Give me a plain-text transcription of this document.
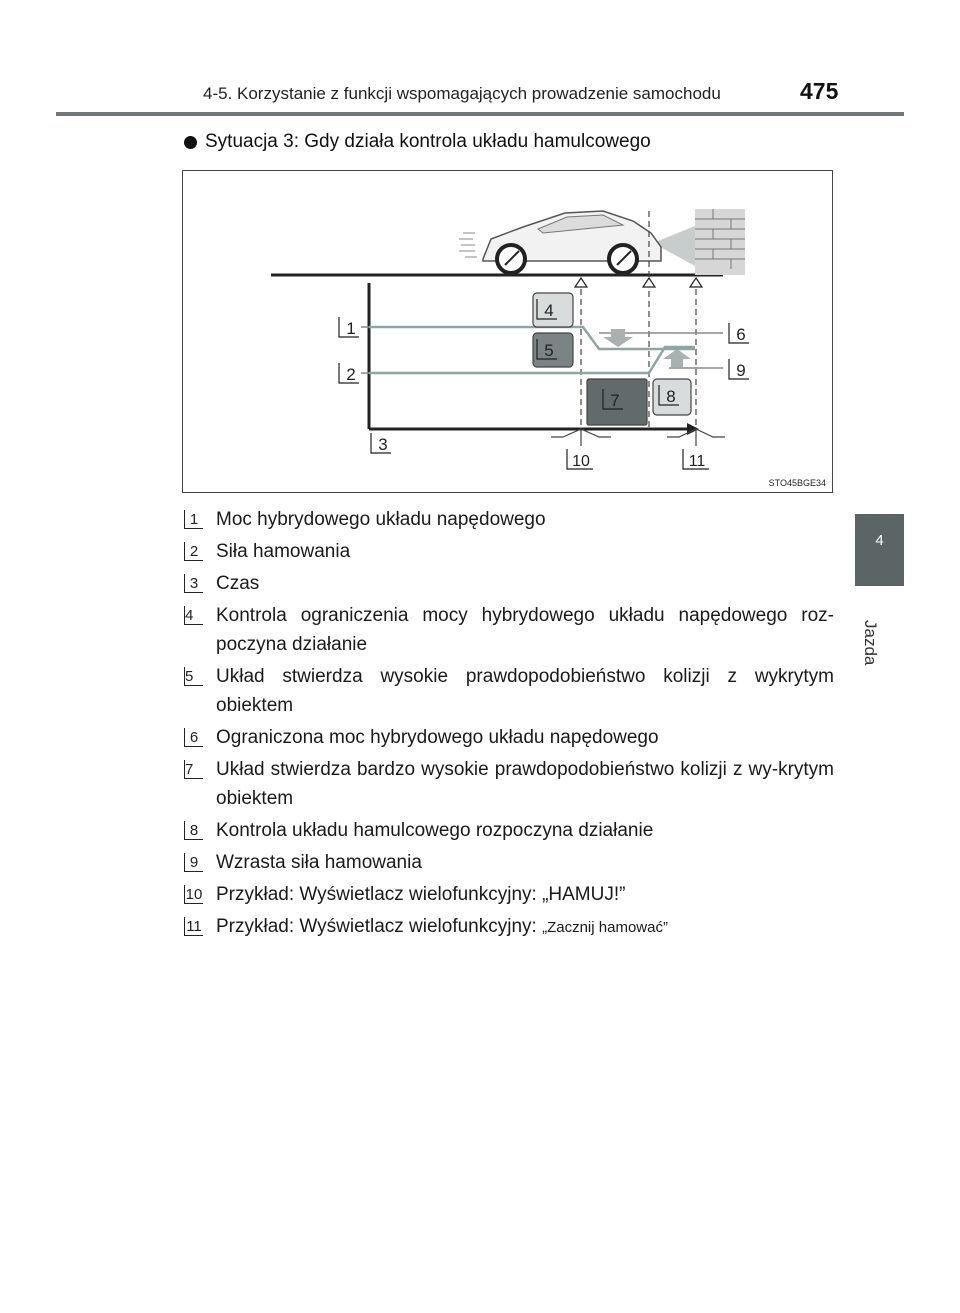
4-5. Korzystanie z funkcji wspomagających prowadzenie samochodu	475
4
Jazda
Sytuacja 3: Gdy działa kontrola układu hamulcowego
1
2
3
4
5
6
7	8
9
10	11
STO45BGE34
1 Moc hybrydowego układu napędowego
2 Siła hamowania
3 Czas
4	Kontrola ograniczenia mocy hybrydowego układu napędowego roz-poczyna działanie
5	Układ stwierdza wysokie prawdopodobieństwo kolizji z wykrytym obiektem
6 Ograniczona moc hybrydowego układu napędowego
7	Układ stwierdza bardzo wysokie prawdopodobieństwo kolizji z wy-krytym obiektem
8 Kontrola układu hamulcowego rozpoczyna działanie
9 Wzrasta siła hamowania
10 Przykład: Wyświetlacz wielofunkcyjny: „HAMUJ!”
11 Przykład: Wyświetlacz wielofunkcyjny: „Zacznij hamować”
